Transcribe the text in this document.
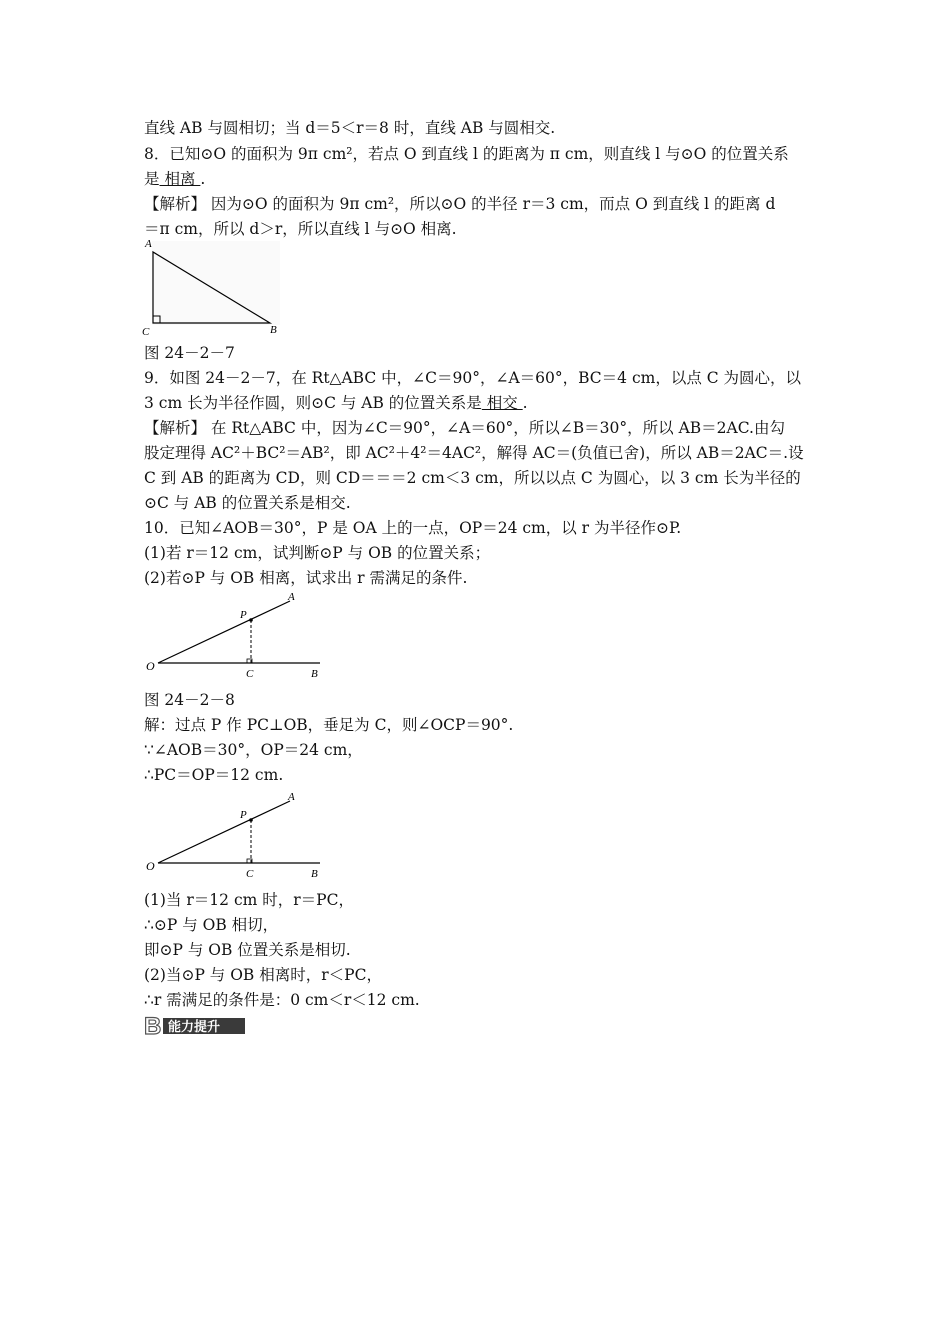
直线 AB 与圆相切；当 d＝5＜r＝8 时，直线 AB 与圆相交.
8．已知⊙O 的面积为 9π cm²，若点 O 到直线 l 的距离为 π cm，则直线 l 与⊙O 的位置关系
是 相离 .
【解析】 因为⊙O 的面积为 9π cm²，所以⊙O 的半径 r＝3 cm，而点 O 到直线 l 的距离 d
＝π cm，所以 d＞r，所以直线 l 与⊙O 相离.
A
C	B
图 24－2－7
9．如图 24－2－7，在 Rt△ABC 中，∠C＝90°，∠A＝60°，BC＝4 cm，以点 C 为圆心，以
3 cm 长为半径作圆，则⊙C 与 AB 的位置关系是 相交 .
【解析】 在 Rt△ABC 中，因为∠C＝90°，∠A＝60°，所以∠B＝30°，所以 AB＝2AC.由勾
股定理得 AC²＋BC²＝AB²，即 AC²＋4²＝4AC²，解得 AC＝(负值已舍)，所以 AB＝2AC＝.设
C 到 AB 的距离为 CD，则 CD＝＝＝2 cm＜3 cm，所以以点 C 为圆心，以 3 cm 长为半径的
⊙C 与 AB 的位置关系是相交.
10．已知∠AOB＝30°，P 是 OA 上的一点，OP＝24 cm，以 r 为半径作⊙P.
(1)若 r＝12 cm，试判断⊙P 与 OB 的位置关系；
(2)若⊙P 与 OB 相离，试求出 r 需满足的条件.
O
A
P
C	B
图 24－2－8
解：过点 P 作 PC⊥OB，垂足为 C，则∠OCP＝90°.
∵∠AOB＝30°，OP＝24 cm，
∴PC＝OP＝12 cm.
O
A
P
C	B
(1)当 r＝12 cm 时，r＝PC，
∴⊙P 与 OB 相切，
即⊙P 与 OB 位置关系是相切.
(2)当⊙P 与 OB 相离时，r＜PC，
∴r 需满足的条件是：0 cm＜r＜12 cm.
B 能力提升
